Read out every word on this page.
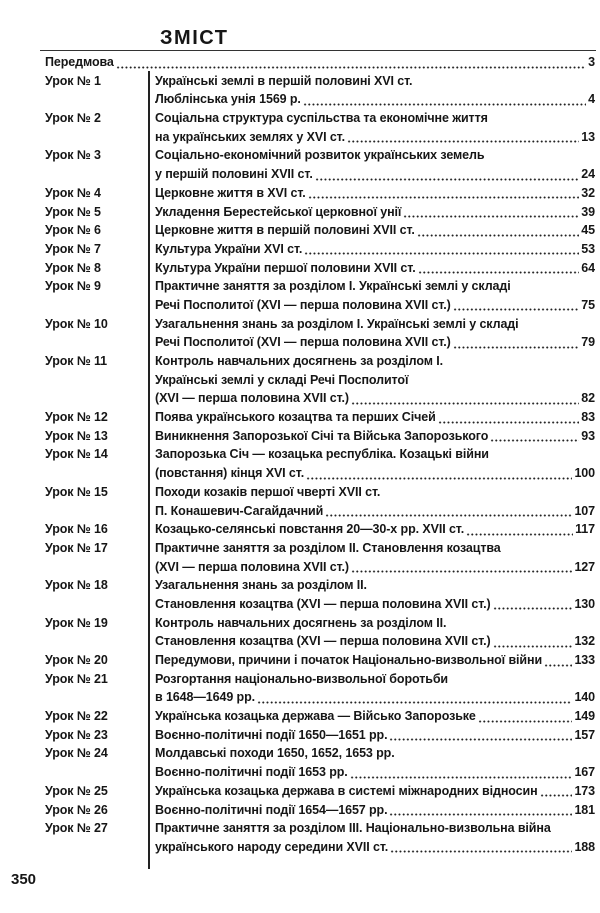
ЗМІСТ
Передмова	3
Урок № 1	Українські землі в першій половині XVI ст.
Люблінська унія 1569 р.	4
Урок № 2	Соціальна структура суспільства та економічне життя
на українських землях у XVI ст.	13
Урок № 3	Соціально-економічний розвиток українських земель
у першій половині XVII ст.	24
Урок № 4	Церковне життя в XVI ст.	32
Урок № 5	Укладення Берестейської церковної унії	39
Урок № 6	Церковне життя в першій половині XVII ст.	45
Урок № 7	Культура України XVI ст.	53
Урок № 8	Культура України першої половини XVII ст.	64
Урок № 9	Практичне заняття за розділом І. Українські землі у складі
Речі Посполитої (XVI — перша половина XVII ст.)	75
Урок № 10	Узагальнення знань за розділом І. Українські землі у складі
Речі Посполитої (XVI — перша половина XVII ст.)	79
Урок № 11	Контроль навчальних досягнень за розділом І.
Українські землі у складі Речі Посполитої
(XVI — перша половина XVII ст.)	82
Урок № 12	Поява українського козацтва та перших Січей	83
Урок № 13	Виникнення Запорозької Січі та Війська Запорозького	93
Урок № 14	Запорозька Січ — козацька республіка. Козацькі війни
(повстання) кінця XVI ст.	100
Урок № 15	Походи козаків першої чверті XVII ст.
П. Конашевич-Сагайдачний	107
Урок № 16	Козацько-селянські повстання 20—30-х рр. XVII ст.	117
Урок № 17	Практичне заняття за розділом II. Становлення козацтва
(XVI — перша половина XVII ст.)	127
Урок № 18	Узагальнення знань за розділом II.
Становлення козацтва (XVI — перша половина XVII ст.)	130
Урок № 19	Контроль навчальних досягнень за розділом II.
Становлення козацтва (XVI — перша половина XVII ст.)	132
Урок № 20	Передумови, причини і початок Національно-визвольної війни	133
Урок № 21	Розгортання національно-визвольної боротьби
в 1648—1649 рр.	140
Урок № 22	Українська козацька держава — Військо Запорозьке	149
Урок № 23	Воєнно-політичні події 1650—1651 рр.	157
Урок № 24	Молдавські походи 1650, 1652, 1653 рр.
Воєнно-політичні події 1653 рр.	167
Урок № 25	Українська козацька держава в системі міжнародних відносин	173
Урок № 26	Воєнно-політичні події 1654—1657 рр.	181
Урок № 27	Практичне заняття за розділом III. Національно-визвольна війна
українського народу середини XVII ст.	188
350
